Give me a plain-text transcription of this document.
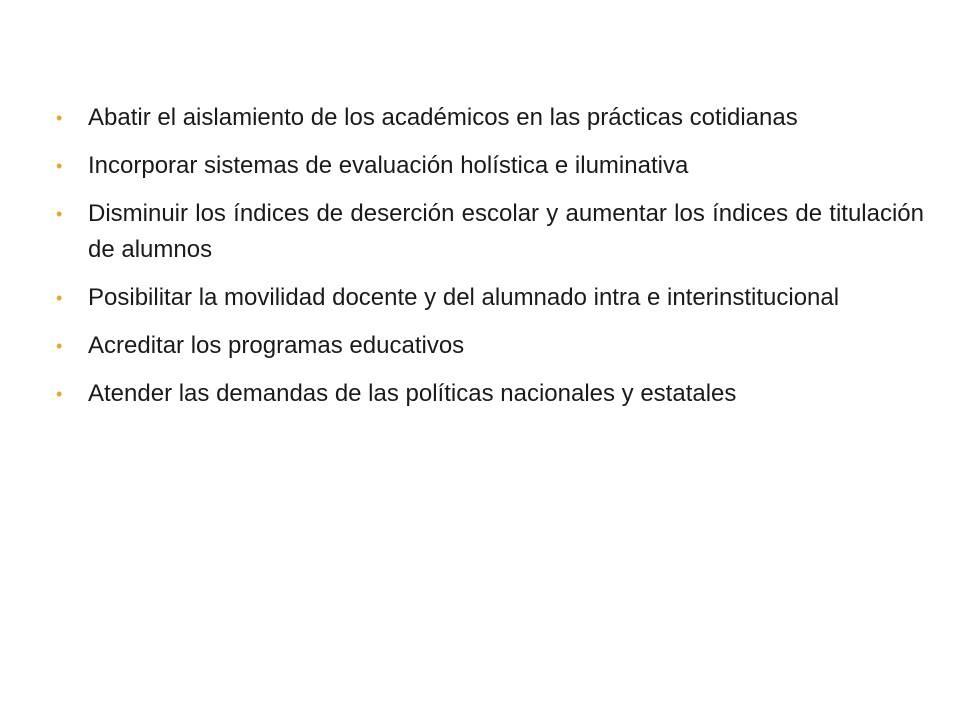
•	Abatir el aislamiento de los académicos en las prácticas cotidianas
•	Incorporar sistemas de evaluación holística e iluminativa
•	Disminuir los índices de deserción escolar y aumentar los índices de titulación de alumnos
•	Posibilitar la movilidad docente y del alumnado intra e interinstitucional
•	Acreditar los programas educativos
•	Atender las demandas de las políticas nacionales y estatales
